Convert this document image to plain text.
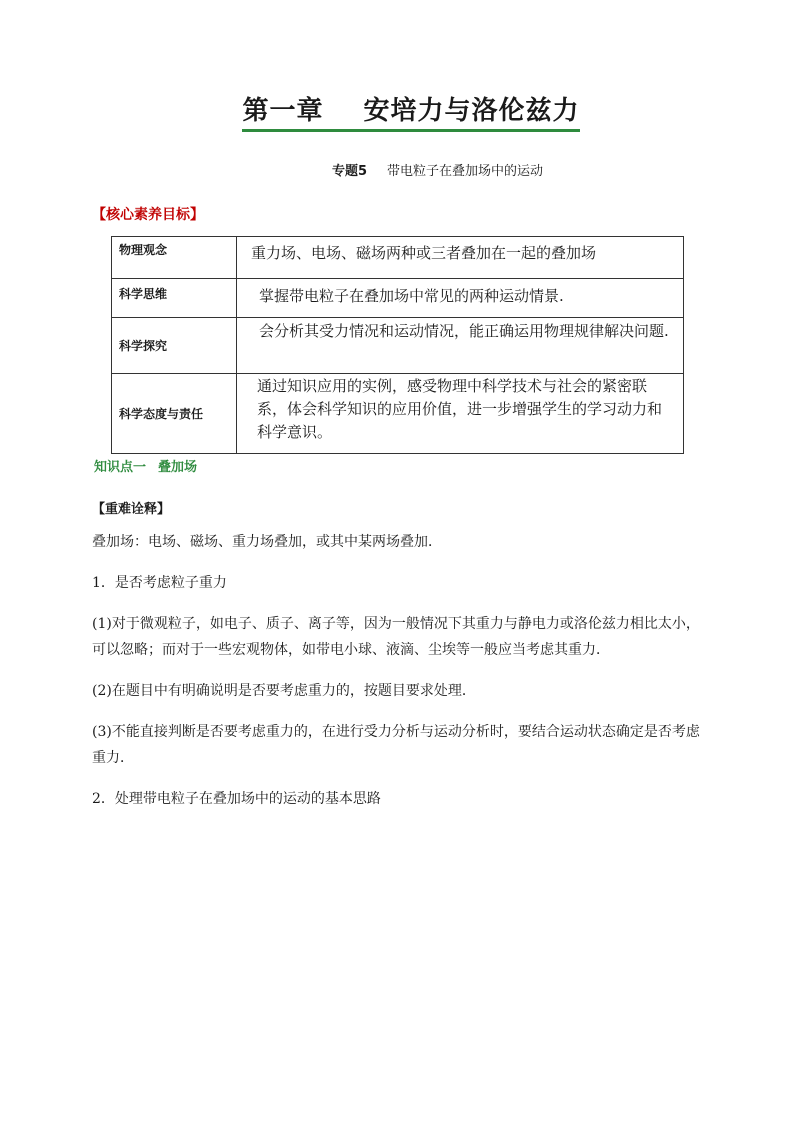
第一章 安培力与洛伦兹力
专题5 带电粒子在叠加场中的运动
【核心素养目标】
物理观念	重力场、电场、磁场两种或三者叠加在一起的叠加场
科学思维	掌握带电粒子在叠加场中常见的两种运动情景.
科学探究	会分析其受力情况和运动情况，能正确运用物理规律解决问题.
科学态度与责任	通过知识应用的实例，感受物理中科学技术与社会的紧密联系，体会科学知识的应用价值，进一步增强学生的学习动力和科学意识。
知识点一 叠加场
【重难诠释】
叠加场：电场、磁场、重力场叠加，或其中某两场叠加．
1．是否考虑粒子重力
(1)对于微观粒子，如电子、质子、离子等，因为一般情况下其重力与静电力或洛伦兹力相比太小，可以忽略；而对于一些宏观物体，如带电小球、液滴、尘埃等一般应当考虑其重力．
(2)在题目中有明确说明是否要考虑重力的，按题目要求处理．
(3)不能直接判断是否要考虑重力的，在进行受力分析与运动分析时，要结合运动状态确定是否考虑重力．
2．处理带电粒子在叠加场中的运动的基本思路
